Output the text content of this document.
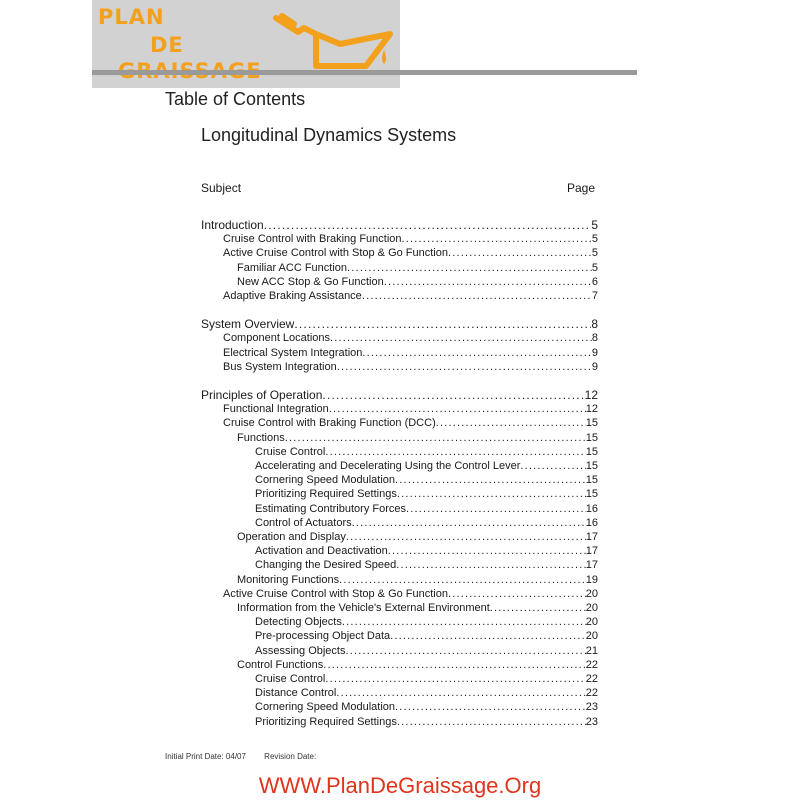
PLAN
DE
Table of Contents
Longitudinal Dynamics Systems
Subject	Page
Introduction .....	5
Cruise Control with Braking Function .....	5
Active Cruise Control with Stop & Go Function .....	5
Familiar ACC Function .....	5
New ACC Stop & Go Function .....	6
Adaptive Braking Assistance .....	7
System Overview .....	8
Component Locations .....	8
Electrical System Integration .....	9
Bus System Integration .....	9
Principles of Operation .....	12
Functional Integration .....	12
Cruise Control with Braking Function (DCC) .....	15
Functions .....	15
Cruise Control .....	15
Accelerating and Decelerating Using the Control Lever .....	15
Cornering Speed Modulation .....	15
Prioritizing Required Settings .....	15
Estimating Contributory Forces .....	16
Control of Actuators .....	16
Operation and Display .....	17
Activation and Deactivation .....	17
Changing the Desired Speed .....	17
Monitoring Functions .....	19
Active Cruise Control with Stop & Go Function .....	20
Information from the Vehicle's External Environment .....	20
Detecting Objects .....	20
Pre-processing Object Data .....	20
Assessing Objects .....	21
Control Functions .....	22
Cruise Control .....	22
Distance Control .....	22
Cornering Speed Modulation .....	23
Prioritizing Required Settings .....	23
Initial Print Date: 04/07 Revision Date:
WWW.PlanDeGraissage.Org
